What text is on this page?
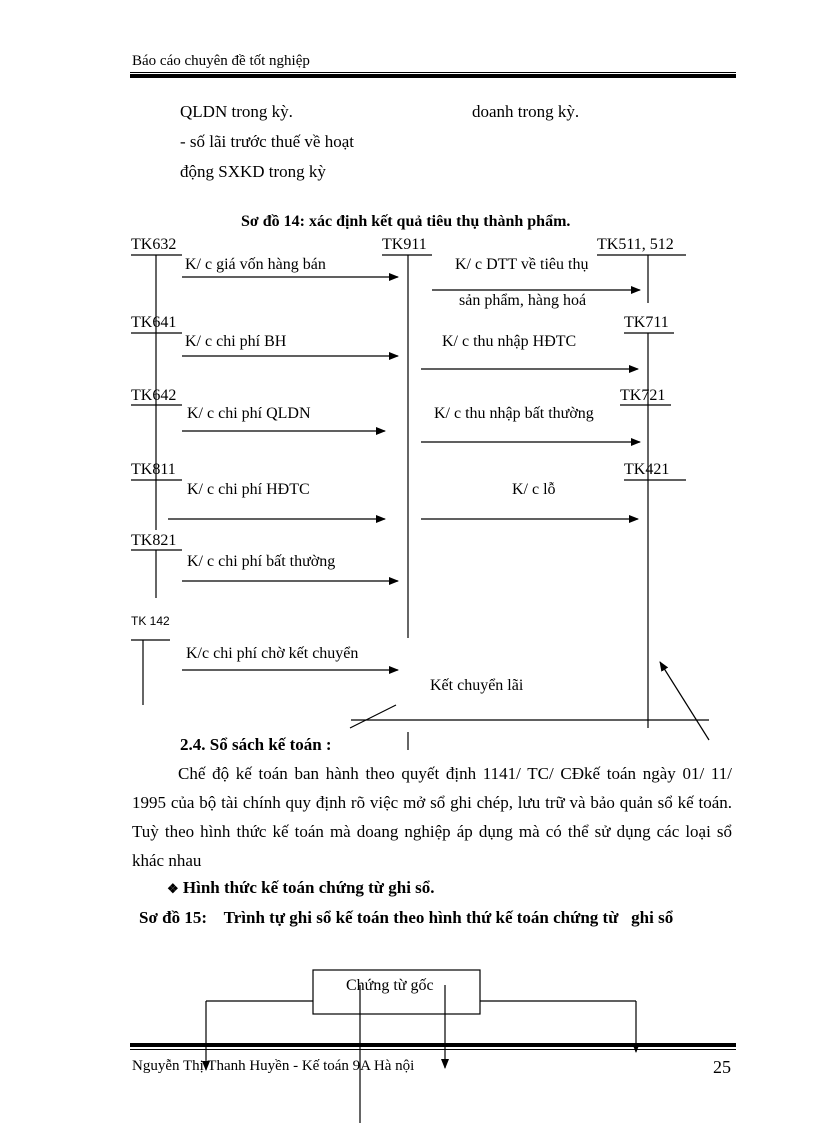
Báo cáo chuyên đề tốt nghiệp
QLDN trong kỳ.	doanh trong kỳ.
- số lãi trước thuế về hoạt
động SXKD trong kỳ
Sơ đồ 14: xác định kết quả tiêu thụ thành phẩm.
TK632	TK911	TK511, 512
TK641	TK711
TK642	TK721
TK811	TK421
TK821
TK 142
K/ c giá vốn hàng bán	K/ c DTT về tiêu thụ
sản phẩm, hàng hoá
K/ c chi phí BH	K/ c thu nhập HĐTC
K/ c chi phí QLDN	K/ c thu nhập bất thường
K/ c chi phí HĐTC	K/ c lỗ
K/ c chi phí bất thường
K/c chi phí chờ kết chuyển
Kết chuyển lãi
2.4. Sổ sách kế toán :

Chế độ kế toán ban hành theo quyết định 1141/ TC/ CĐkế toán ngày 01/ 11/ 1995 của bộ tài chính quy định rõ việc mở sổ ghi chép, lưu trữ và bảo quản sổ kế toán. Tuỳ theo hình thức kế toán mà doang nghiệp áp dụng mà có thể sử dụng các loại sổ khác nhau

❖ Hình thức kế toán chứng từ ghi sổ.
Sơ đồ 15:    Trình tự ghi sổ kế toán theo hình thứ kế toán chứng từ   ghi sổ
Chứng từ gốc
Nguyễn Thị Thanh Huyền - Kế toán 9A Hà nội	25
